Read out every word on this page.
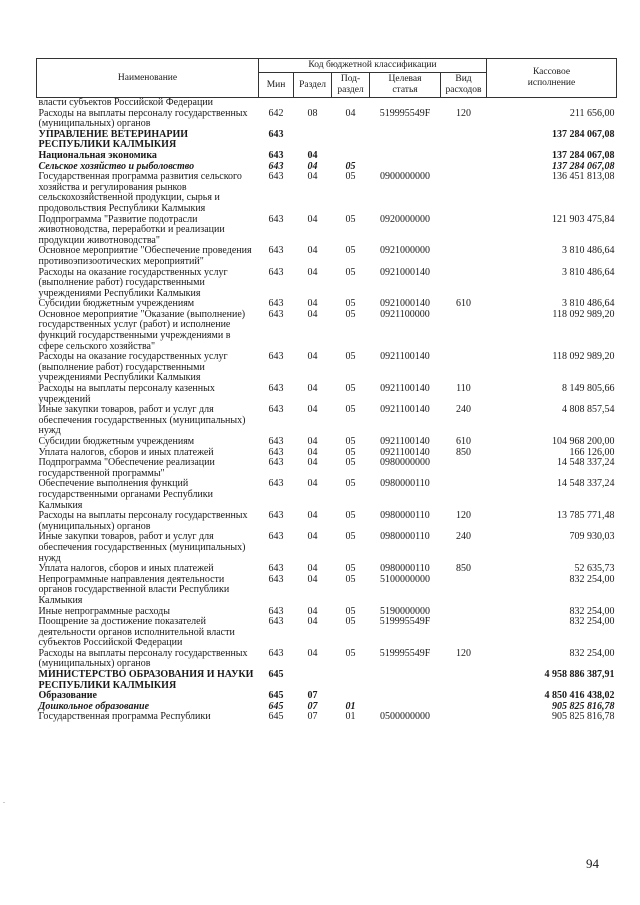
Наименование	Код бюджетной классификации					Кассовое
исполнение
	Мин	Раздел	Под-
раздел	Целевая
статья	Вид
расходов	
власти субъектов Российской Федерации						
Расходы на выплаты персоналу государственных (муниципальных) органов	642	08	04	519995549F	120	211 656,00
УПРАВЛЕНИЕ ВЕТЕРИНАРИИ РЕСПУБЛИКИ КАЛМЫКИЯ	643					137 284 067,08
Национальная экономика	643	04				137 284 067,08
Сельское хозяйство и рыболовство	643	04	05			137 284 067,08
Государственная программа развития сельского хозяйства и регулирования рынков сельскохозяйственной продукции, сырья и продовольствия Республики Калмыкия	643	04	05	0900000000		136 451 813,08
Подпрограмма "Развитие подотрасли животноводства, переработки и реализации продукции животноводства"	643	04	05	0920000000		121 903 475,84
Основное мероприятие "Обеспечение проведения противоэпизоотических мероприятий"	643	04	05	0921000000		3 810 486,64
Расходы на оказание государственных услуг (выполнение работ) государственными учреждениями Республики Калмыкия	643	04	05	0921000140		3 810 486,64
Субсидии бюджетным учреждениям	643	04	05	0921000140	610	3 810 486,64
Основное мероприятие "Оказание (выполнение) государственных услуг (работ) и исполнение функций государственными учреждениями в сфере сельского хозяйства"	643	04	05	0921100000		118 092 989,20
Расходы на оказание государственных услуг (выполнение работ) государственными учреждениями Республики Калмыкия	643	04	05	0921100140		118 092 989,20
Расходы на выплаты персоналу казенных учреждений	643	04	05	0921100140	110	8 149 805,66
Иные закупки товаров, работ и услуг для обеспечения государственных (муниципальных) нужд	643	04	05	0921100140	240	4 808 857,54
Субсидии бюджетным учреждениям	643	04	05	0921100140	610	104 968 200,00
Уплата налогов, сборов и иных платежей	643	04	05	0921100140	850	166 126,00
Подпрограмма "Обеспечение реализации государственной программы"	643	04	05	0980000000		14 548 337,24
Обеспечение выполнения функций государственными органами Республики Калмыкия	643	04	05	0980000110		14 548 337,24
Расходы на выплаты персоналу государственных (муниципальных) органов	643	04	05	0980000110	120	13 785 771,48
Иные закупки товаров, работ и услуг для обеспечения государственных (муниципальных) нужд	643	04	05	0980000110	240	709 930,03
Уплата налогов, сборов и иных платежей	643	04	05	0980000110	850	52 635,73
Непрограммные направления деятельности органов государственной власти Республики Калмыкия	643	04	05	5100000000		832 254,00
Иные непрограммные расходы	643	04	05	5190000000		832 254,00
Поощрение за достижение показателей деятельности органов исполнительной власти субъектов Российской Федерации	643	04	05	519995549F		832 254,00
Расходы на выплаты персоналу государственных (муниципальных) органов	643	04	05	519995549F	120	832 254,00
МИНИСТЕРСТВО ОБРАЗОВАНИЯ И НАУКИ РЕСПУБЛИКИ КАЛМЫКИЯ	645					4 958 886 387,91
Образование	645	07				4 850 416 438,02
Дошкольное образование	645	07	01			905 825 816,78
Государственная программа Республики	645	07	01	0500000000		905 825 816,78
94
.
